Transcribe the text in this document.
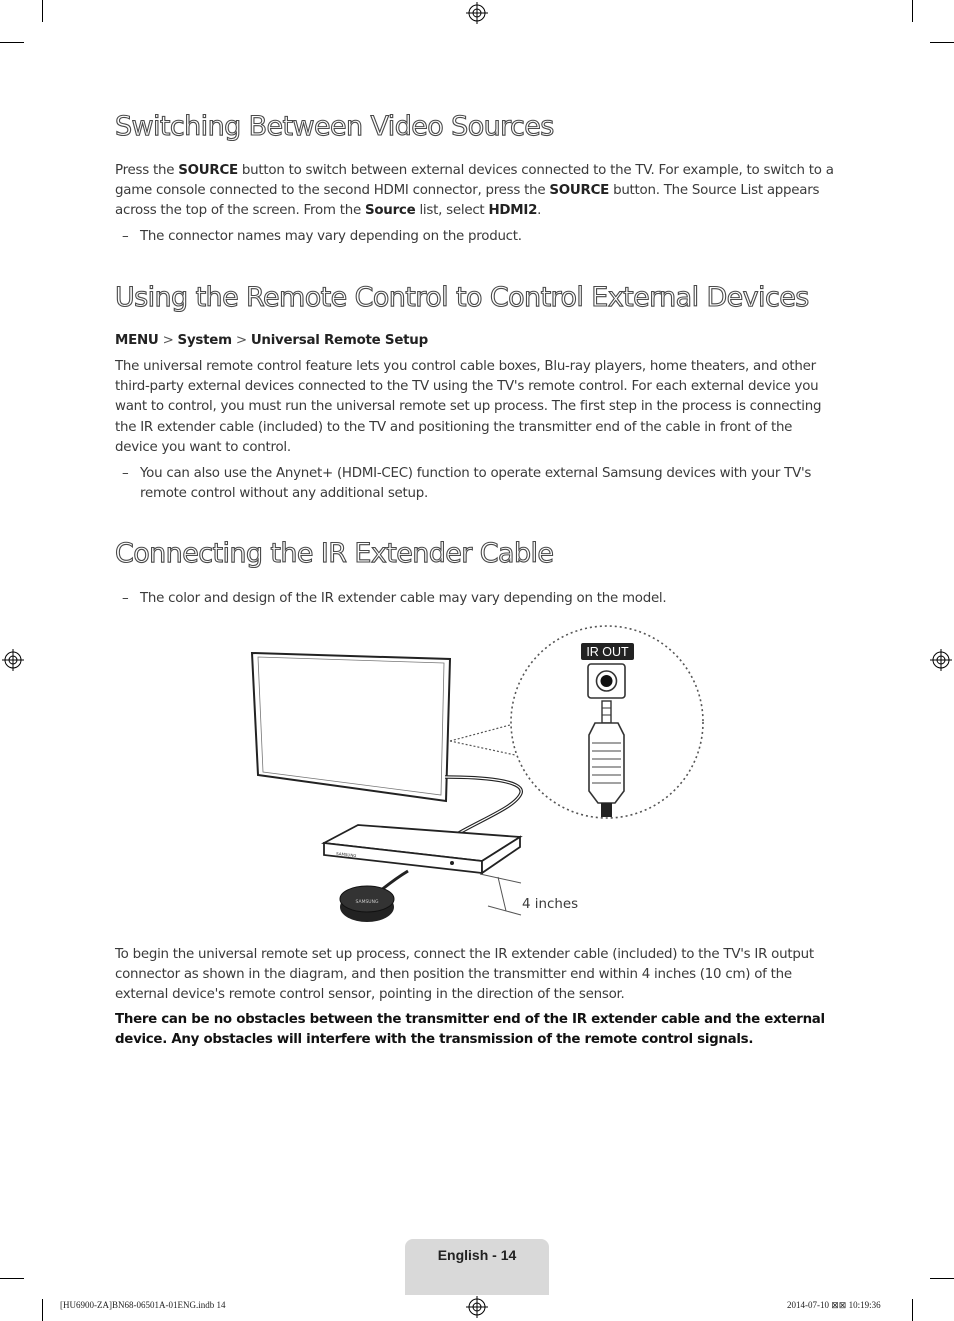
Switching Between Video Sources

Press the SOURCE button to switch between external devices connected to the TV. For example, to switch to a game console connected to the second HDMI connector, press the SOURCE button. The Source List appears across the top of the screen. From the Source list, select HDMI2.

– The connector names may vary depending on the product.
Using the Remote Control to Control External Devices
MENU > System > Universal Remote Setup

The universal remote control feature lets you control cable boxes, Blu-ray players, home theaters, and other third-party external devices connected to the TV using the TV's remote control. For each external device you want to control, you must run the universal remote set up process. The first step in the process is connecting the IR extender cable (included) to the TV and positioning the transmitter end of the cable in front of the device you want to control.

– You can also use the Anynet+ (HDMI-CEC) function to operate external Samsung devices with your TV's remote control without any additional setup.
Connecting the IR Extender Cable
– The color and design of the IR extender cable may vary depending on the model.
IR OUT
SAMSUNG
SAMSUNG	4 inches

To begin the universal remote set up process, connect the IR extender cable (included) to the TV's IR output connector as shown in the diagram, and then position the transmitter end within 4 inches (10 cm) of the external device's remote control sensor, pointing in the direction of the sensor.

There can be no obstacles between the transmitter end of the IR extender cable and the external device. Any obstacles will interfere with the transmission of the remote control signals.
English - 14
[HU6900-ZA]BN68-06501A-01ENG.indb 14	2014-07-10 ⊠⊠ 10:19:36
